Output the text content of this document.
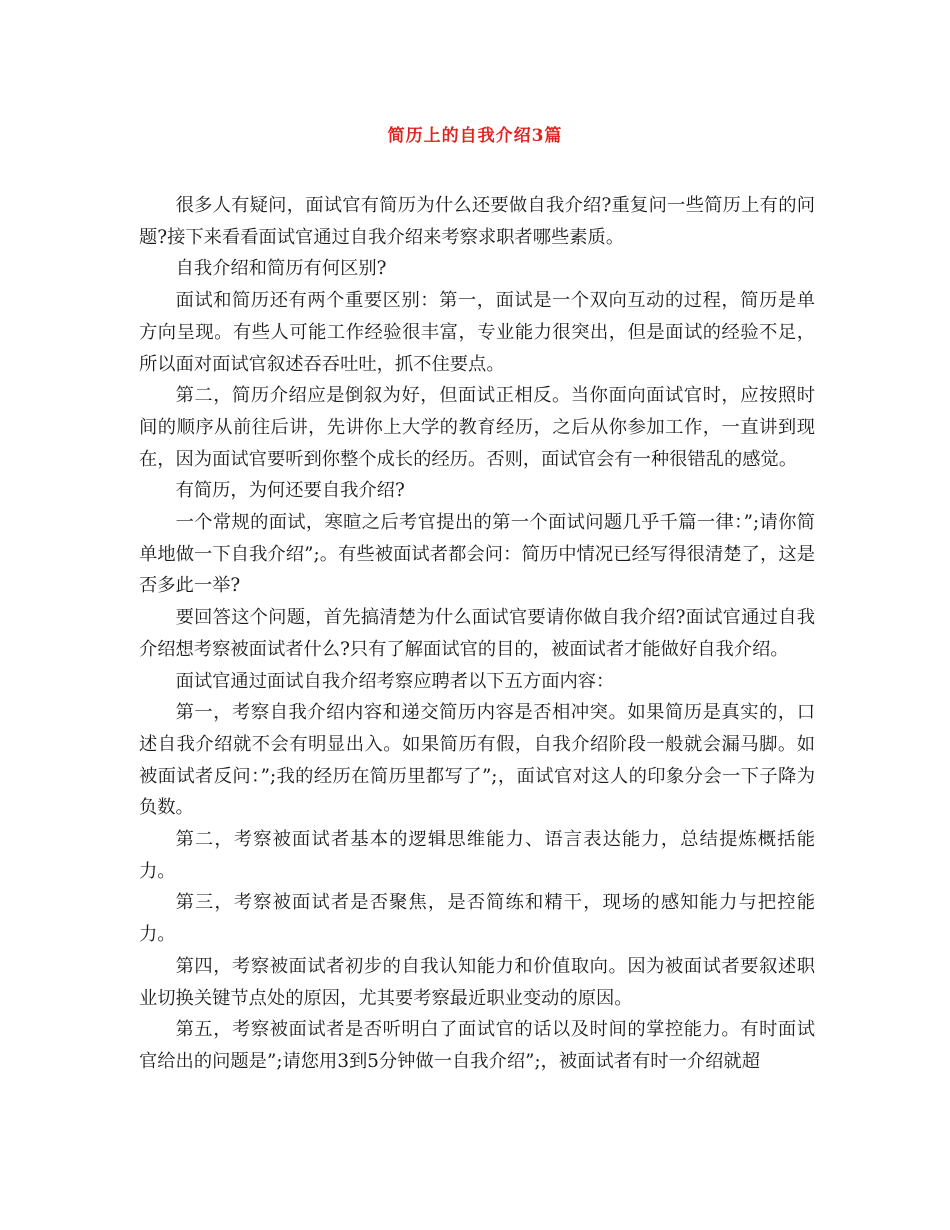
简历上的自我介绍3篇

很多人有疑问，面试官有简历为什么还要做自我介绍?重复问一些简历上有的问题?接下来看看面试官通过自我介绍来考察求职者哪些素质。

自我介绍和简历有何区别?

面试和简历还有两个重要区别：第一，面试是一个双向互动的过程，简历是单方向呈现。有些人可能工作经验很丰富，专业能力很突出，但是面试的经验不足，所以面对面试官叙述吞吞吐吐，抓不住要点。

第二，简历介绍应是倒叙为好，但面试正相反。当你面向面试官时，应按照时间的顺序从前往后讲，先讲你上大学的教育经历，之后从你参加工作，一直讲到现在，因为面试官要听到你整个成长的经历。否则，面试官会有一种很错乱的感觉。

有简历，为何还要自我介绍?

一个常规的面试，寒暄之后考官提出的第一个面试问题几乎千篇一律：”;请你简单地做一下自我介绍”;。有些被面试者都会问：简历中情况已经写得很清楚了，这是否多此一举?

要回答这个问题，首先搞清楚为什么面试官要请你做自我介绍?面试官通过自我介绍想考察被面试者什么?只有了解面试官的目的，被面试者才能做好自我介绍。

面试官通过面试自我介绍考察应聘者以下五方面内容：

第一，考察自我介绍内容和递交简历内容是否相冲突。如果简历是真实的，口述自我介绍就不会有明显出入。如果简历有假，自我介绍阶段一般就会漏马脚。如被面试者反问：”;我的经历在简历里都写了”;，面试官对这人的印象分会一下子降为负数。

第二，考察被面试者基本的逻辑思维能力、语言表达能力，总结提炼概括能力。

第三，考察被面试者是否聚焦，是否简练和精干，现场的感知能力与把控能力。

第四，考察被面试者初步的自我认知能力和价值取向。因为被面试者要叙述职业切换关键节点处的原因，尤其要考察最近职业变动的原因。

第五，考察被面试者是否听明白了面试官的话以及时间的掌控能力。有时面试官给出的问题是”;请您用3到5分钟做一自我介绍”;，被面试者有时一介绍就超
